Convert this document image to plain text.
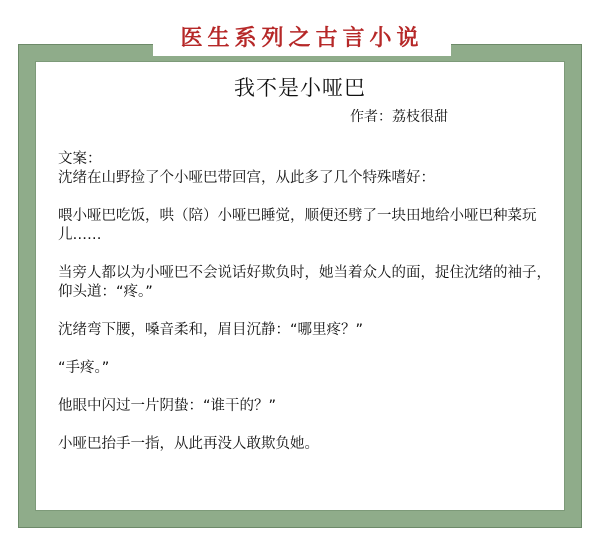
医生系列之古言小说
我不是小哑巴
作者：荔枝很甜

文案：
沈绪在山野捡了个小哑巴带回宫，从此多了几个特殊嗜好：

喂小哑巴吃饭，哄（陪）小哑巴睡觉，顺便还劈了一块田地给小哑巴种菜玩儿……

当旁人都以为小哑巴不会说话好欺负时，她当着众人的面，捉住沈绪的袖子，仰头道：“疼。”

沈绪弯下腰，嗓音柔和，眉目沉静：“哪里疼？”

“手疼。”

他眼中闪过一片阴蛰：“谁干的？”

小哑巴抬手一指，从此再没人敢欺负她。
